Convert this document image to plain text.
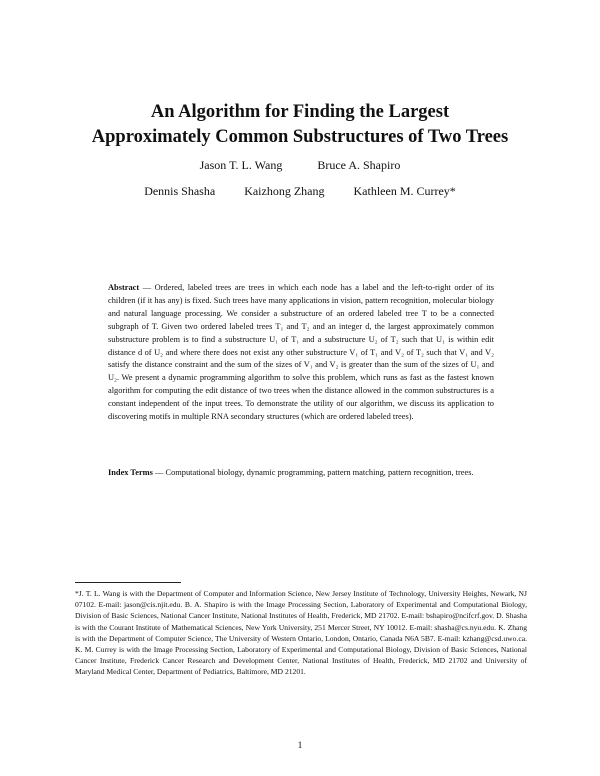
An Algorithm for Finding the Largest
Approximately Common Substructures of Two Trees
Jason T. L. Wang	Bruce A. Shapiro
Dennis Shasha Kaizhong Zhang Kathleen M. Currey*
Abstract — Ordered, labeled trees are trees in which each node has a label and the left-to-right order of its children (if it has any) is fixed. Such trees have many applications in vision, pattern recognition, molecular biology and natural language processing. We consider a substructure of an ordered labeled tree T to be a connected subgraph of T. Given two ordered labeled trees T₁ and T₂ and an integer d, the largest approximately common substructure problem is to find a substructure U₁ of T₁ and a substructure U₂ of T₂ such that U₁ is within edit distance d of U₂ and where there does not exist any other substructure V₁ of T₁ and V₂ of T₂ such that V₁ and V₂ satisfy the distance constraint and the sum of the sizes of V₁ and V₂ is greater than the sum of the sizes of U₁ and U₂. We present a dynamic programming algorithm to solve this problem, which runs as fast as the fastest known algorithm for computing the edit distance of two trees when the distance allowed in the common substructures is a constant independent of the input trees. To demonstrate the utility of our algorithm, we discuss its application to discovering motifs in multiple RNA secondary structures (which are ordered labeled trees).
Index Terms — Computational biology, dynamic programming, pattern matching, pattern recognition, trees.
*J. T. L. Wang is with the Department of Computer and Information Science, New Jersey Institute of Technology, University Heights, Newark, NJ 07102. E-mail: jason@cis.njit.edu. B. A. Shapiro is with the Image Processing Section, Laboratory of Experimental and Computational Biology, Division of Basic Sciences, National Cancer Institute, National Institutes of Health, Frederick, MD 21702. E-mail: bshapiro@ncifcrf.gov. D. Shasha is with the Courant Institute of Mathematical Sciences, New York University, 251 Mercer Street, NY 10012. E-mail: shasha@cs.nyu.edu. K. Zhang is with the Department of Computer Science, The University of Western Ontario, London, Ontario, Canada N6A 5B7. E-mail: kzhang@csd.uwo.ca. K. M. Currey is with the Image Processing Section, Laboratory of Experimental and Computational Biology, Division of Basic Sciences, National Cancer Institute, Frederick Cancer Research and Development Center, National Institutes of Health, Frederick, MD 21702 and University of Maryland Medical Center, Department of Pediatrics, Baltimore, MD 21201.
1
